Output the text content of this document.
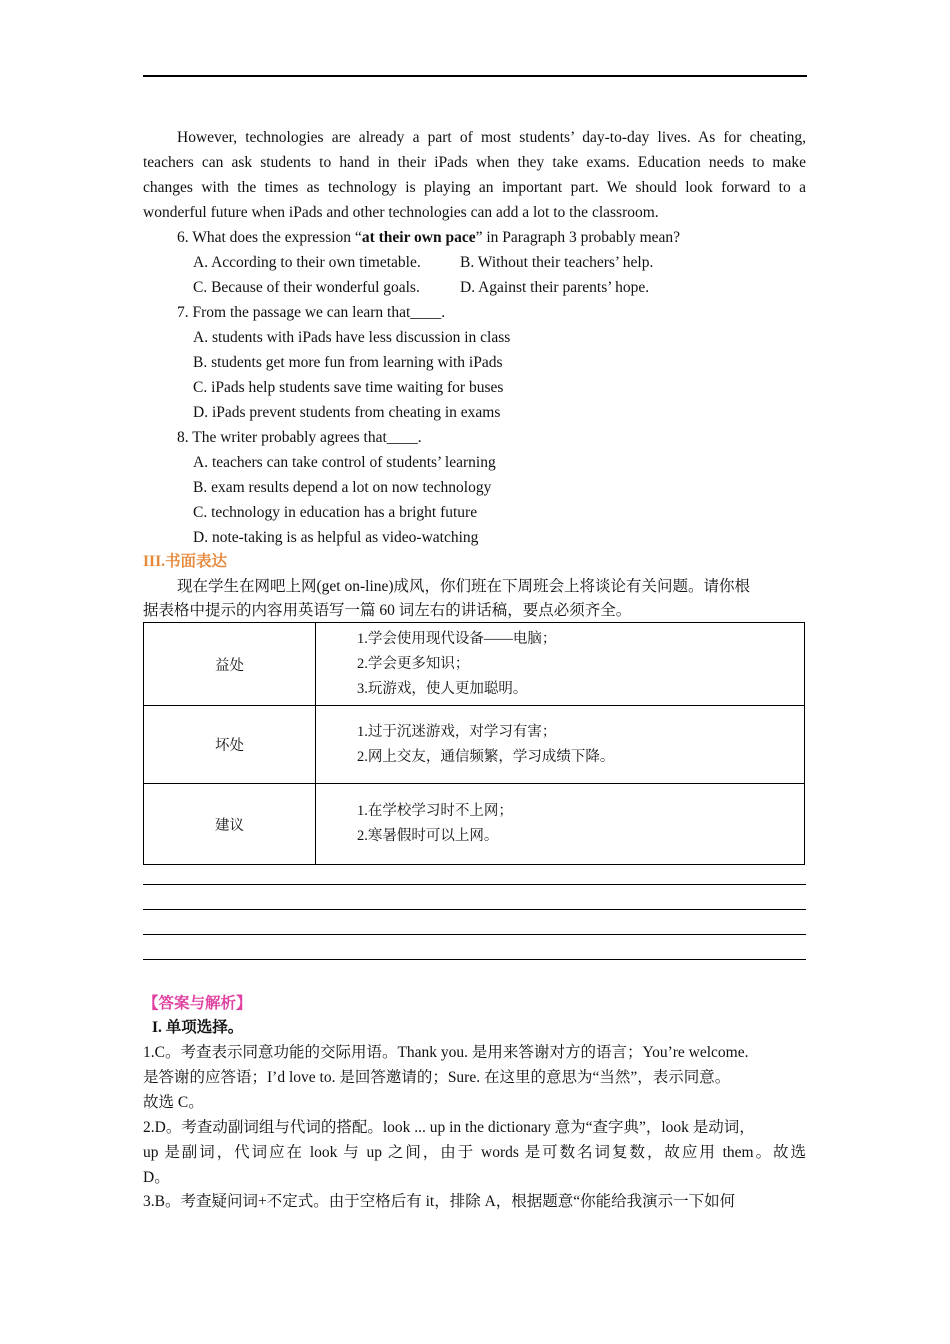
However, technologies are already a part of most students’ day-to-day lives. As for cheating,
teachers can ask students to hand in their iPads when they take exams. Education needs to make
changes with the times as technology is playing an important part. We should look forward to a
wonderful future when iPads and other technologies can add a lot to the classroom.
6. What does the expression “at their own pace” in Paragraph 3 probably mean?
A. According to their own timetable.	B. Without their teachers’ help.
C. Because of their wonderful goals.	D. Against their parents’ hope.
7. From the passage we can learn that____.
A. students with iPads have less discussion in class
B. students get more fun from learning with iPads
C. iPads help students save time waiting for buses
D. iPads prevent students from cheating in exams
8. The writer probably agrees that____.
A. teachers can take control of students’ learning
B. exam results depend a lot on now technology
C. technology in education has a bright future
D. note-taking is as helpful as video-watching
III.书面表达
现在学生在网吧上网(get on-line)成风，你们班在下周班会上将谈论有关问题。请你根
据表格中提示的内容用英语写一篇 60 词左右的讲话稿，要点必须齐全。
益处	1.学会使用现代设备——电脑；
2.学会更多知识；
3.玩游戏，使人更加聪明。

坏处	1.过于沉迷游戏，对学习有害；
2.网上交友，通信频繁，学习成绩下降。

建议	1.在学校学习时不上网；
2.寒暑假时可以上网。
【答案与解析】
I. 单项选择。
1.C。考查表示同意功能的交际用语。Thank you. 是用来答谢对方的语言；You’re welcome.
是答谢的应答语；I’d love to. 是回答邀请的；Sure. 在这里的意思为“当然”，表示同意。
故选 C。
2.D。考查动副词组与代词的搭配。look ... up in the dictionary 意为“查字典”，look 是动词，
up 是副词，代词应在 look 与 up 之间，由于 words 是可数名词复数，故应用 them。故选
D。
3.B。考查疑问词+不定式。由于空格后有 it，排除 A，根据题意“你能给我演示一下如何
